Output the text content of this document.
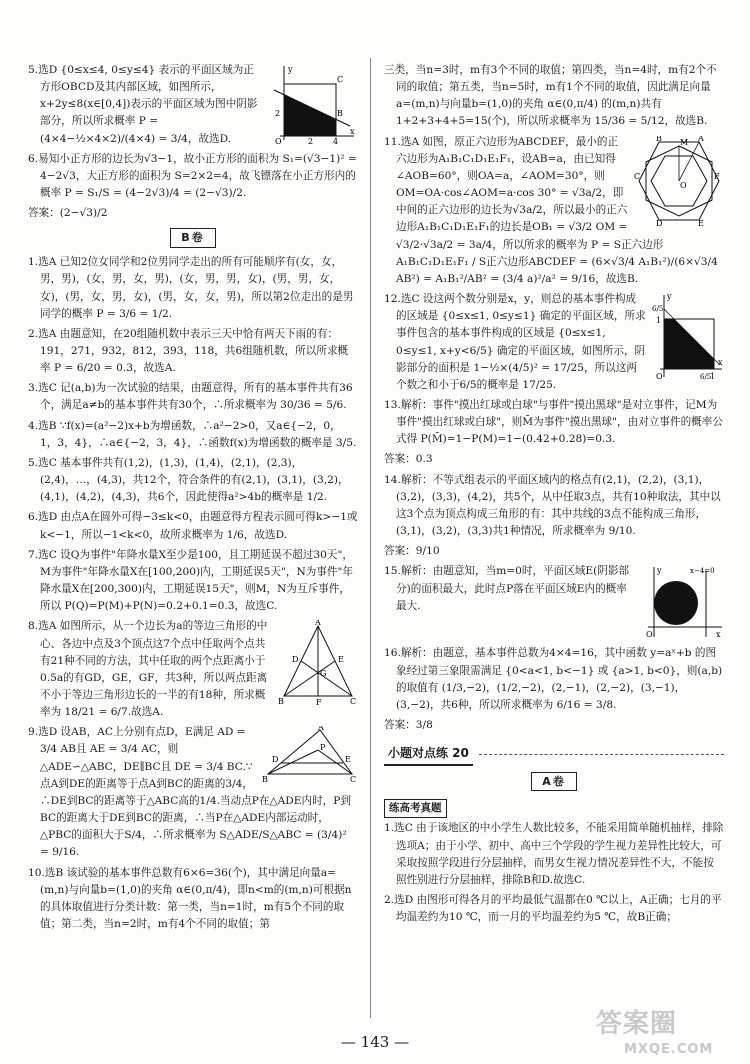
y
C
B
2
O	2 4
x

5.选D {0≤x≤4, 0≤y≤4} 表示的平面区域为正方形OBCD及其内部区域，如图所示，x+2y≤8(x∈[0,4])表示的平面区域为图中阴影部分，所以所求概率 P = (4×4−½×4×2)/(4×4) = 3/4，故选D.

6.易知小正方形的边长为√3−1，故小正方形的面积为 S₁=(√3−1)² = 4−2√3，大正方形的面积为 S=2×2=4，故飞镖落在小正方形内的概率 P = S₁/S = (4−2√3)/4 = (2−√3)/2.

答案：(2−√3)/2

B卷

1.选A 已知2位女同学和2位男同学走出的所有可能顺序有(女，女，男，男)，(女，男，女，男)，(女，男，男，女)，(男，男，女，女)，(男，女，男，女)，(男，女，女，男)，所以第2位走出的是男同学的概率 P = 3/6 = 1/2.

2.选A 由题意知，在20组随机数中表示三天中恰有两天下雨的有：191，271，932，812，393，118，共6组随机数，所以所求概率 P = 6/20 = 0.3，故选A.

3.选C 记(a,b)为一次试验的结果，由题意得，所有的基本事件共有36个，满足a≠b的基本事件共有30个，∴所求概率为 30/36 = 5/6.

4.选B ∵f(x)=(a²−2)x+b为增函数，∴a²−2>0，又a∈{−2，0，1，3，4}，∴a∈{−2，3，4}，∴函数f(x)为增函数的概率是 3/5.

5.选C 基本事件共有(1,2)，(1,3)，(1,4)，(2,1)，(2,3)，(2,4)，…，(4,3)，共12个，符合条件的有(2,1)，(3,1)，(3,2)，(4,1)，(4,2)，(4,3)，共6个，因此使得a²>4b的概率是 1/2.

6.选D 由点A在圆外可得−3≤k<0，由题意得方程表示圆可得k>−1或k<−1，所以−1<k<0，故所求概率为 1/6，故选D.

7.选C 设Q为事件"年降水量X至少是100，且工期延误不超过30天"，M为事件"年降水量X在[100,200)内，工期延误5天"，N为事件"年降水量X在[200,300)内，工期延误15天"，则M，N为互斥事件，所以 P(Q)=P(M)+P(N)=0.2+0.1=0.3，故选C.

A
G
E
D
B	F	C

8.选A 如图所示，从一个边长为a的等边三角形的中心、各边中点及3个顶点这7个点中任取两个点共有21种不同的方法，其中任取的两个点距离小于0.5a的有GD，GE，GF，共3种，所以两点距离不小于等边三角形边长的一半的有18种，所求概率为 18/21 = 6/7.故选A.

A
D	E
P
B	C

9.选D 设AB，AC上分别有点D，E满足 AD = 3/4 AB且 AE = 3/4 AC，则△ADE∽△ABC，DE∥BC且 DE = 3/4 BC.∵点A到DE的距离等于点A到BC的距离的3/4，∴DE到BC的距离等于△ABC高的1/4.当动点P在△ADE内时，P到BC的距离大于DE到BC的距离，∴当P在△ADE内部运动时，△PBC的面积大于S/4，∴所求概率为 S△ADE/S△ABC = (3/4)² = 9/16.

10.选B 该试验的基本事件总数有6×6=36(个)，其中满足向量a=(m,n)与向量b=(1,0)的夹角 α∈(0,π/4)，即n<m的(m,n)可根据n的具体取值进行分类计数：第一类，当n=1时，m有5个不同的取值；第二类，当n=2时，m有4个不同的取值；第

三类，当n=3时，m有3个不同的取值；第四类，当n=4时，m有2个不同的取值；第五类，当n=5时，m有1个不同的取值，因此满足向量a=(m,n)与向量b=(1,0)的夹角 α∈(0,π/4) 的(m,n)共有1+2+3+4+5=15(个)，所以所求概率为 15/36 = 5/12，故选B.

B	A
M
F
C
O
E
D

11.选A 如图，原正六边形为ABCDEF，最小的正六边形为A₁B₁C₁D₁E₁F₁，设AB=a，由已知得∠AOB=60°，则OA=a，∠AOM=30°，则OM=OA·cos∠AOM=a·cos 30° = √3a/2，即中间的正六边形的边长为√3a/2，所以最小的正六边形A₁B₁C₁D₁E₁F₁的边长是OB₁ = √3/2 OM = √3/2·√3a/2 = 3a/4，所以所求的概率为 P = S正六边形A₁B₁C₁D₁E₁F₁ / S正六边形ABCDEF = (6×√3/4 A₁B₁²)/(6×√3/4 AB²) = A₁B₁²/AB² = (3/4 a)²/a² = 9/16，故选B.

y
6/5
1
O	1
6/5
x

12.选C 设这两个数分别是x，y，则总的基本事件构成的区域是 {0≤x≤1, 0≤y≤1} 确定的平面区域，所求事件包含的基本事件构成的区域是 {0≤x≤1, 0≤y≤1, x+y<6/5} 确定的平面区域，如图所示，阴影部分的面积是 1−½×(4/5)² = 17/25，所以这两个数之和小于6/5的概率是 17/25.

13.解析：事件"摸出红球或白球"与事件"摸出黑球"是对立事件，记M为事件"摸出红球或白球"，则M̄为事件"摸出黑球"，由对立事件的概率公式得 P(M̄)=1−P(M)=1−(0.42+0.28)=0.3.

答案：0.3

14.解析：不等式组表示的平面区域内的格点有(2,1)，(2,2)，(3,1)，(3,2)，(3,3)，(4,2)，共5个，从中任取3点，共有10种取法，其中以这3个点为顶点构成三角形的有：其中共线的3点不能构成三角形，(3,1)，(3,2)，(3,3)共1种情况，所求概率为 9/10.

答案：9/10

y	x−4=0
O	x

15.解析：由题意知，当m=0时，平面区域E(阴影部分)的面积最大，此时点P落在平面区域E内的概率最大.

16.解析：由题意，基本事件总数为4×4=16，其中函数 y=aˣ+b 的图象经过第三象限需满足 {0<a<1, b<−1} 或 {a>1, b<0}，则(a,b)的取值有 (1/3,−2)，(1/2,−2)，(2,−1)，(2,−2)，(3,−1)，(3,−2)，共6种，所以所求概率为 6/16 = 3/8.

答案：3/8

小题对点练 20
A卷
练高考真题

1.选C 由于该地区的中小学生人数比较多，不能采用简单随机抽样，排除选项A；由于小学、初中、高中三个学段的学生视力差异性比较大，可采取按照学段进行分层抽样，而男女生视力情况差异性不大，不能按照性别进行分层抽样，排除B和D.故选C.

2.选D 由图形可得各月的平均最低气温都在0 ℃以上，A正确；七月的平均温差约为10 ℃，而一月的平均温差约为5 ℃，故B正确；

— 143 —
答案圈
MXQE.COM
